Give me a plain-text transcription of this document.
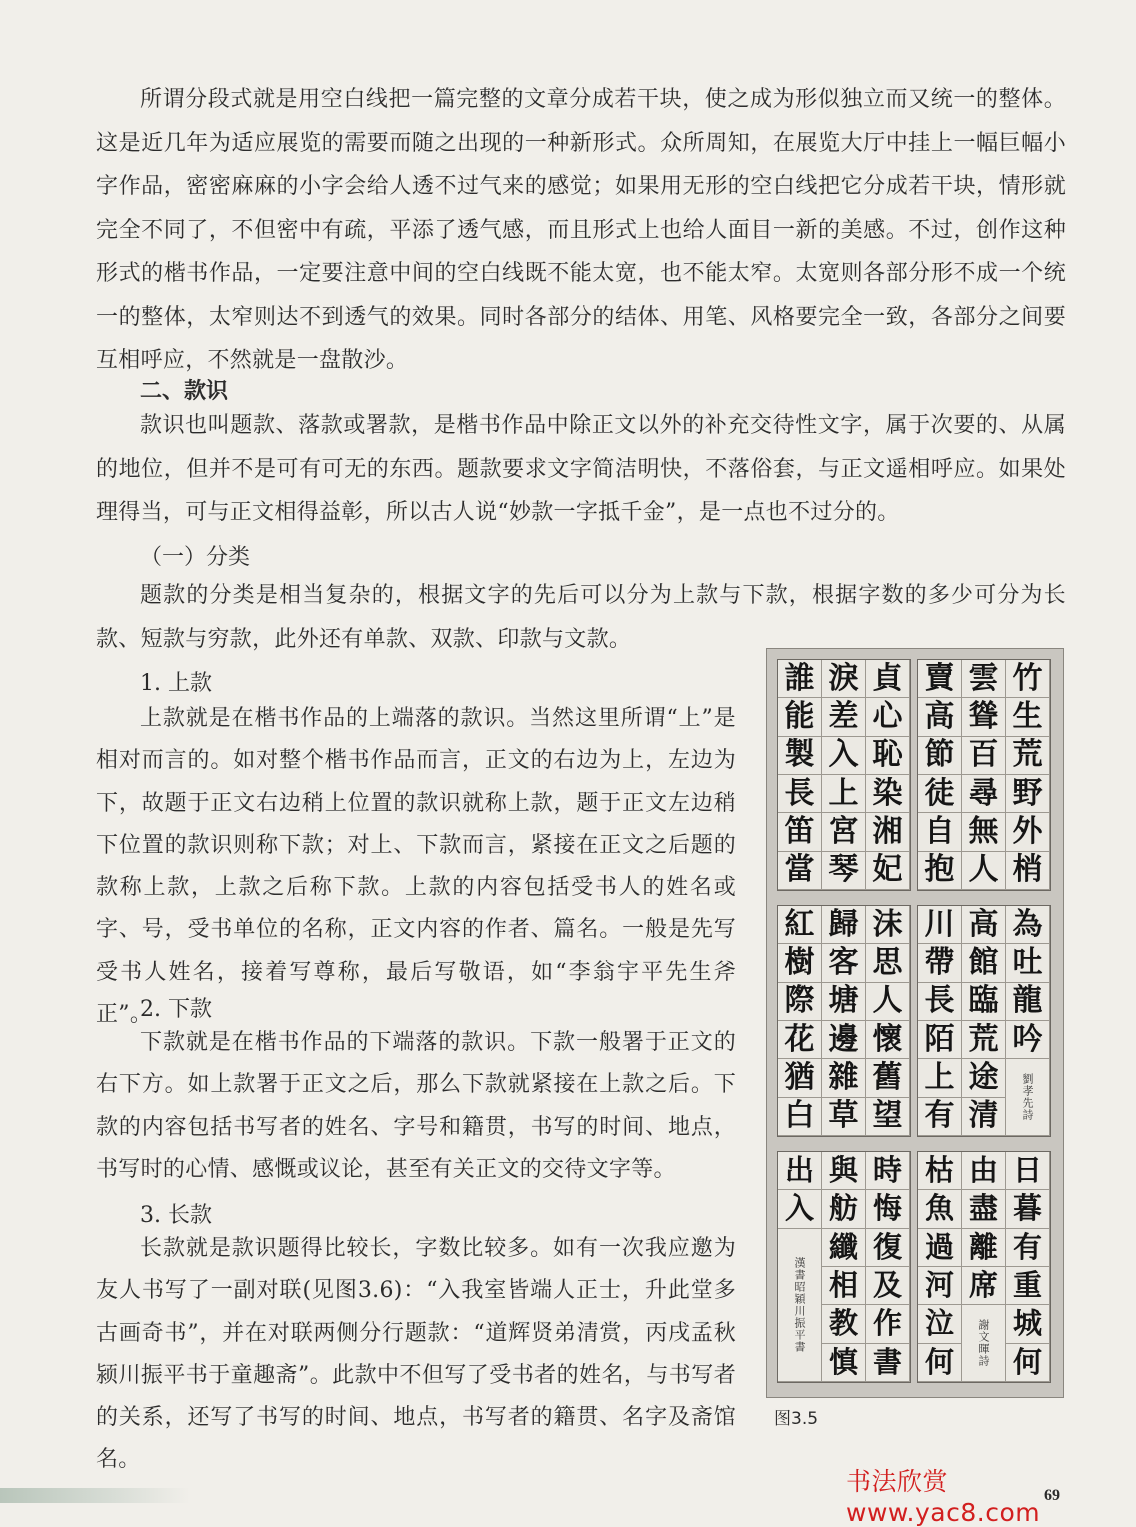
所谓分段式就是用空白线把一篇完整的文章分成若干块，使之成为形似独立而又统一的整体。这是近几年为适应展览的需要而随之出现的一种新形式。众所周知，在展览大厅中挂上一幅巨幅小字作品，密密麻麻的小字会给人透不过气来的感觉；如果用无形的空白线把它分成若干块，情形就完全不同了，不但密中有疏，平添了透气感，而且形式上也给人面目一新的美感。不过，创作这种形式的楷书作品，一定要注意中间的空白线既不能太宽，也不能太窄。太宽则各部分形不成一个统一的整体，太窄则达不到透气的效果。同时各部分的结体、用笔、风格要完全一致，各部分之间要互相呼应，不然就是一盘散沙。

二、款识

款识也叫题款、落款或署款，是楷书作品中除正文以外的补充交待性文字，属于次要的、从属的地位，但并不是可有可无的东西。题款要求文字简洁明快，不落俗套，与正文遥相呼应。如果处理得当，可与正文相得益彰，所以古人说“妙款一字抵千金”，是一点也不过分的。

（一）分类

题款的分类是相当复杂的，根据文字的先后可以分为上款与下款，根据字数的多少可分为长款、短款与穷款，此外还有单款、双款、印款与文款。

1. 上款

上款就是在楷书作品的上端落的款识。当然这里所谓“上”是相对而言的。如对整个楷书作品而言，正文的右边为上，左边为下，故题于正文右边稍上位置的款识就称上款，题于正文左边稍下位置的款识则称下款；对上、下款而言，紧接在正文之后题的款称上款，上款之后称下款。上款的内容包括受书人的姓名或字、号，受书单位的名称，正文内容的作者、篇名。一般是先写受书人姓名，接着写尊称，最后写敬语，如“李翁宇平先生斧正”。

2. 下款

下款就是在楷书作品的下端落的款识。下款一般署于正文的右下方。如上款署于正文之后，那么下款就紧接在上款之后。下款的内容包括书写者的姓名、字号和籍贯，书写的时间、地点，书写时的心情、感慨或议论，甚至有关正文的交待文字等。

3. 长款

长款就是款识题得比较长，字数比较多。如有一次我应邀为友人书写了一副对联(见图3.6)：“入我室皆端人正士，升此堂多古画奇书”，并在对联两侧分行题款：“道辉贤弟清赏，丙戌孟秋颍川振平书于童趣斋”。此款中不但写了受书者的姓名，与书写者的关系，还写了书写的时间、地点，书写者的籍贯、名字及斋馆名。

賣 雲 竹
高 聳 生
節 百 荒
徒 尋 野
自 無 外
抱 人 梢
誰 淚 貞
能 差 心
製 入 恥
長 上 染
笛 宮 湘
當 琴 妃
川 高 為
帶 館 吐
長 臨 龍
陌 荒 吟
上 途	劉孝先詩
有 清
紅 歸 沫
樹 客 思
際 塘 人
花 邊 懷
猶 雜 舊
白 草 望
枯 由 日
魚 盡 暮
過 離 有
河 席 重
泣	謝文暉詩 城
何 何
出 與 時
入 舫 悔
漢書昭穎川振平書
纖 復
相 及
教 作
慎 書
图3.5
书法欣赏 www.yac8.com
69
